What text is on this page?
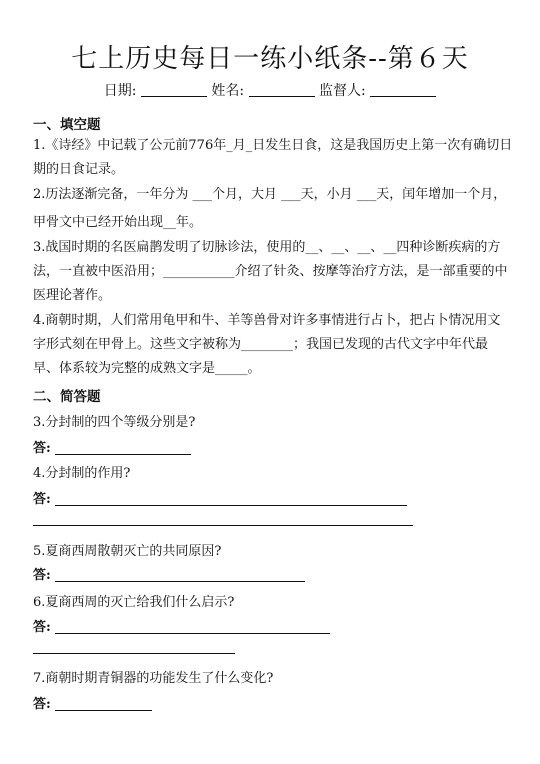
七上历史每日一练小纸条--第６天
日期:	姓名:	监督人:
一、填空题

1.《诗经》中记载了公元前776年_月_日发生日食，这是我国历史上第一次有确切日期的日食记录。

2.历法逐渐完备，一年分为 ___个月，大月 ___天，小月 ___天，闰年增加一个月，甲骨文中已经开始出现__年。

3.战国时期的名医扁鹊发明了切脉诊法，使用的__、__、__、__四种诊断疾病的方法，一直被中医沿用；___________介绍了针灸、按摩等治疗方法，是一部重要的中医理论著作。

4.商朝时期，人们常用龟甲和牛、羊等兽骨对许多事情进行占卜，把占卜情况用文字形式刻在甲骨上。这些文字被称为________；我国已发现的古代文字中年代最早、体系较为完整的成熟文字是_____。

二、简答题
3.分封制的四个等级分别是?
答:
4.分封制的作用?
答:
5.夏商西周散朝灭亡的共同原因?
答:
6.夏商西周的灭亡给我们什么启示?
答:
7.商朝时期青铜器的功能发生了什么变化?
答:
